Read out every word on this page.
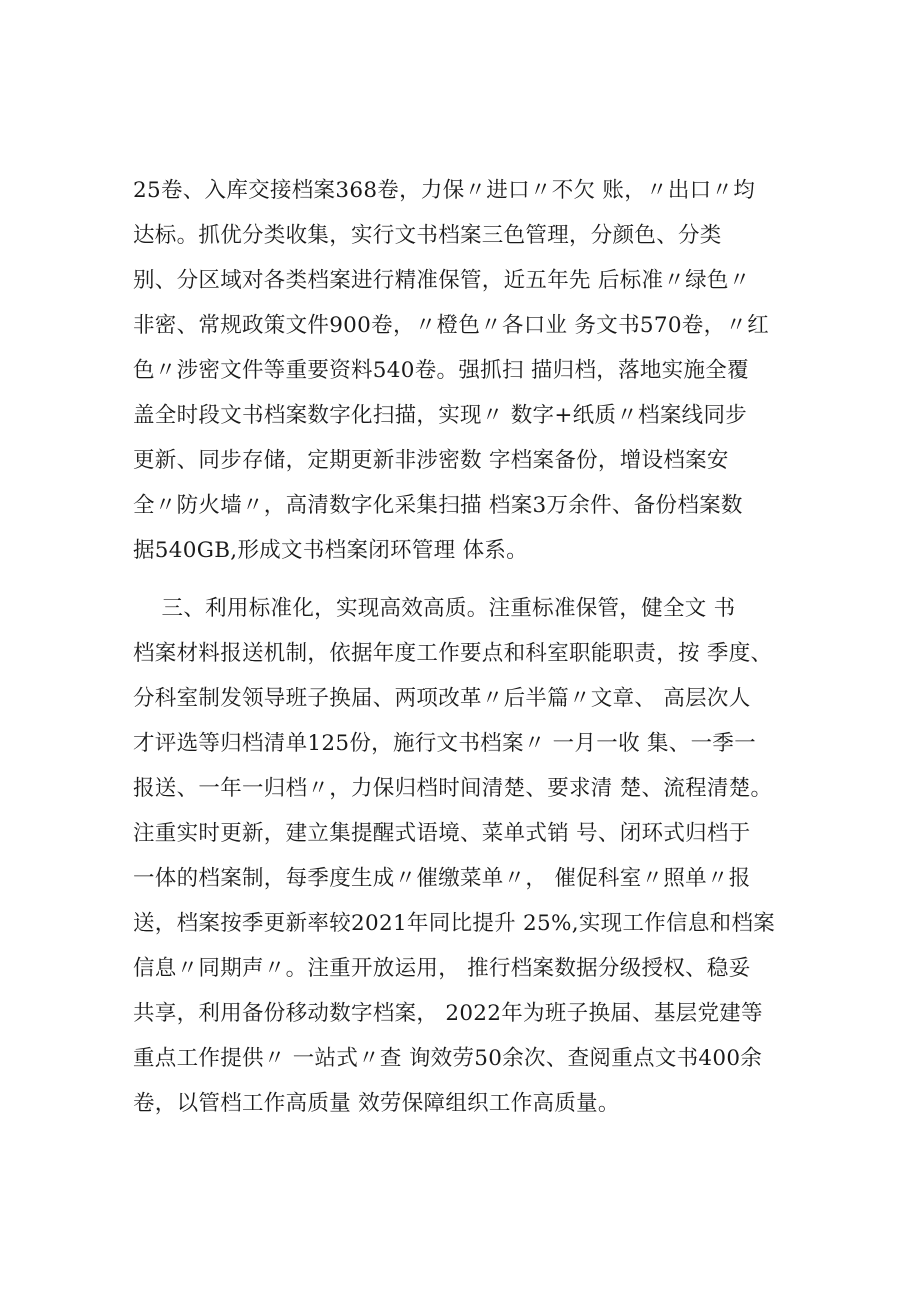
25卷、入库交接档案368卷，力保〃进口〃不欠 账，〃出口〃均
达标。抓优分类收集，实行文书档案三色管理，分颜色、分类
别、分区域对各类档案进行精准保管，近五年先 后标准〃绿色〃
非密、常规政策文件900卷，〃橙色〃各口业 务文书570卷，〃红
色〃涉密文件等重要资料540卷。强抓扫 描归档，落地实施全覆
盖全时段文书档案数字化扫描，实现〃 数字+纸质〃档案线同步
更新、同步存储，定期更新非涉密数 字档案备份，增设档案安
全〃防火墙〃，高清数字化采集扫描 档案3万余件、备份档案数
据540GB,形成文书档案闭环管理 体系。
三、利用标准化，实现高效高质。注重标准保管，健全文 书
档案材料报送机制，依据年度工作要点和科室职能职责，按 季度、
分科室制发领导班子换届、两项改革〃后半篇〃文章、 高层次人
才评选等归档清单125份，施行文书档案〃 一月一收 集、一季一
报送、一年一归档〃，力保归档时间清楚、要求清 楚、流程清楚。
注重实时更新，建立集提醒式语境、菜单式销 号、闭环式归档于
一体的档案制，每季度生成〃催缴菜单〃， 催促科室〃照单〃报
送，档案按季更新率较2021年同比提升 25%,实现工作信息和档案
信息〃同期声〃。注重开放运用， 推行档案数据分级授权、稳妥
共享，利用备份移动数字档案， 2022年为班子换届、基层党建等
重点工作提供〃 一站式〃查 询效劳50余次、查阅重点文书400余
卷，以管档工作高质量 效劳保障组织工作高质量。
